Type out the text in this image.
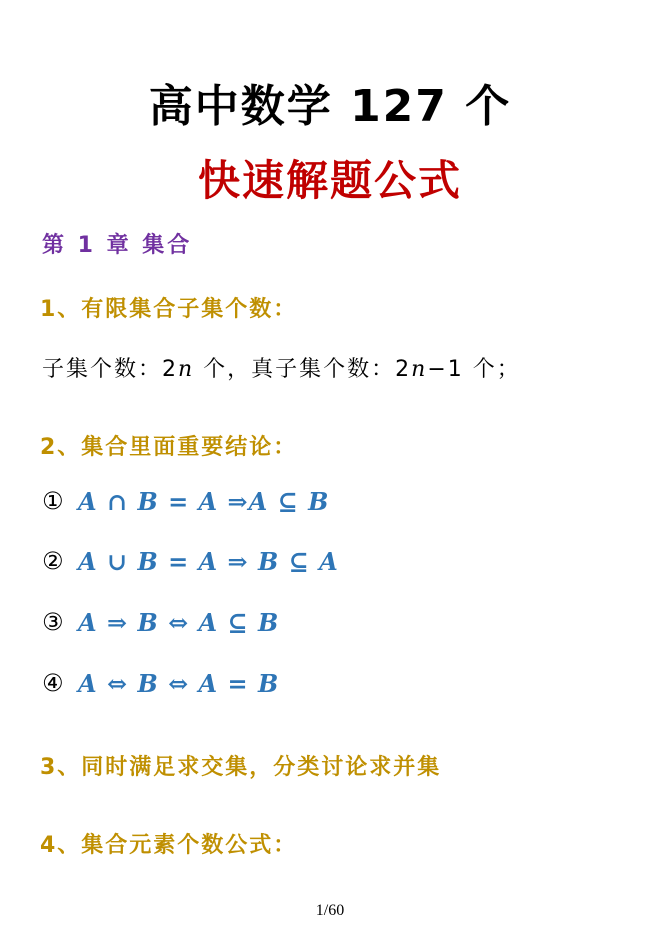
高中数学 127 个
快速解题公式
第 1 章 集合
1、有限集合子集个数：
子集个数：2n 个，真子集个数：2n−1 个；
2、集合里面重要结论：
① A ∩ B = A ⇒A ⊆ B
② A ∪ B = A ⇒ B ⊆ A
③ A ⇒ B ⇔ A ⊆ B
④ A ⇔ B ⇔ A = B
3、同时满足求交集，分类讨论求并集
4、集合元素个数公式：
1/60
